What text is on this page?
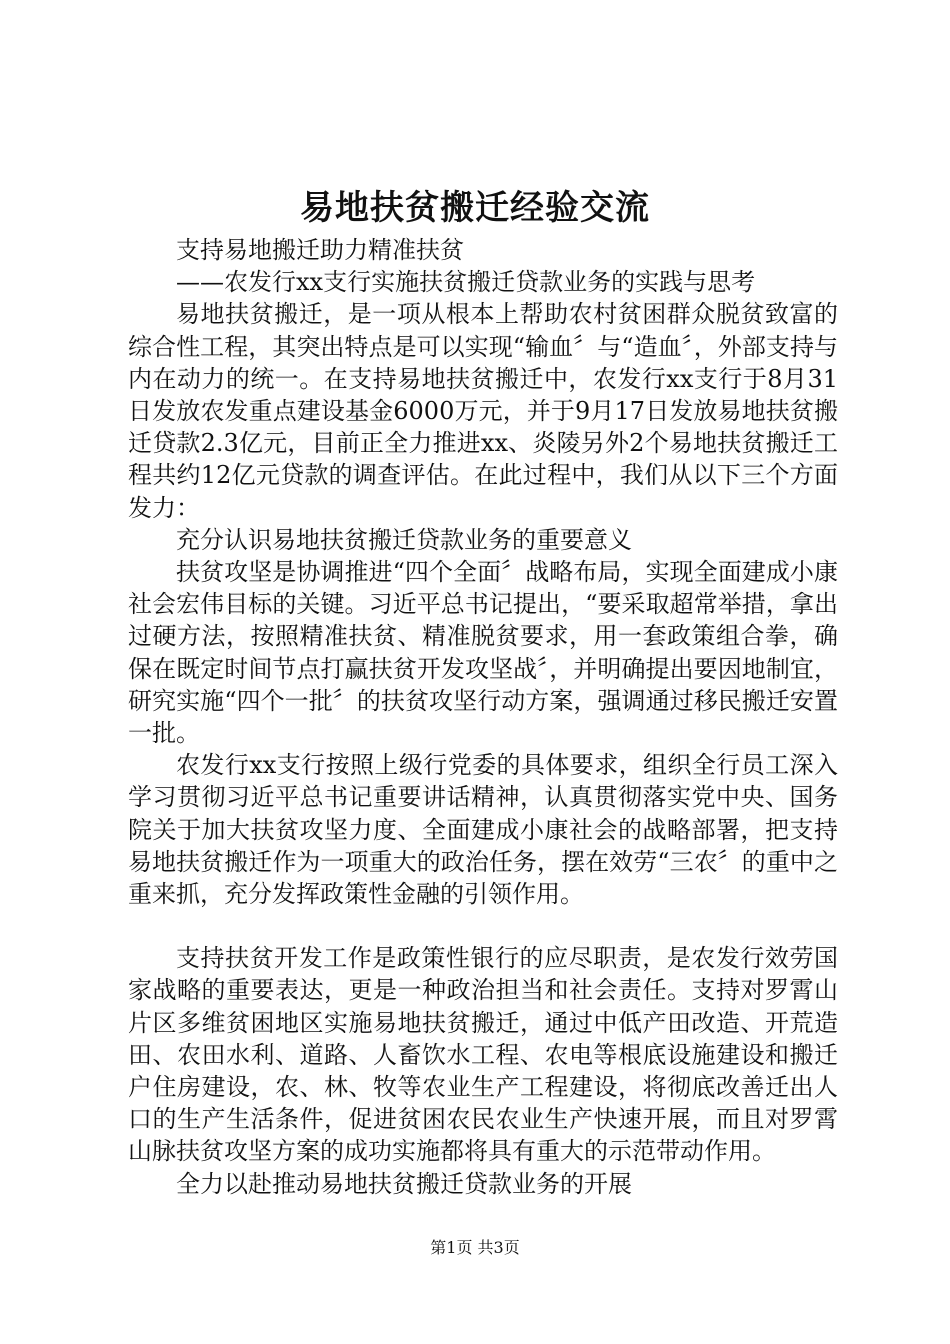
易地扶贫搬迁经验交流

支持易地搬迁助力精准扶贫

——农发行xx支行实施扶贫搬迁贷款业务的实践与思考

易地扶贫搬迁，是一项从根本上帮助农村贫困群众脱贫致富的综合性工程，其突出特点是可以实现“输血〞与“造血〞，外部支持与内在动力的统一。在支持易地扶贫搬迁中，农发行xx支行于8月31日发放农发重点建设基金6000万元，并于9月17日发放易地扶贫搬迁贷款2.3亿元，目前正全力推进xx、炎陵另外2个易地扶贫搬迁工程共约12亿元贷款的调查评估。在此过程中，我们从以下三个方面发力：

充分认识易地扶贫搬迁贷款业务的重要意义

扶贫攻坚是协调推进“四个全面〞战略布局，实现全面建成小康社会宏伟目标的关键。习近平总书记提出，“要采取超常举措，拿出过硬方法，按照精准扶贫、精准脱贫要求，用一套政策组合拳，确保在既定时间节点打赢扶贫开发攻坚战〞，并明确提出要因地制宜，研究实施“四个一批〞的扶贫攻坚行动方案，强调通过移民搬迁安置一批。

农发行xx支行按照上级行党委的具体要求，组织全行员工深入学习贯彻习近平总书记重要讲话精神，认真贯彻落实党中央、国务院关于加大扶贫攻坚力度、全面建成小康社会的战略部署，把支持易地扶贫搬迁作为一项重大的政治任务，摆在效劳“三农〞的重中之重来抓，充分发挥政策性金融的引领作用。

支持扶贫开发工作是政策性银行的应尽职责，是农发行效劳国家战略的重要表达，更是一种政治担当和社会责任。支持对罗霄山片区多维贫困地区实施易地扶贫搬迁，通过中低产田改造、开荒造田、农田水利、道路、人畜饮水工程、农电等根底设施建设和搬迁户住房建设，农、林、牧等农业生产工程建设，将彻底改善迁出人口的生产生活条件，促进贫困农民农业生产快速开展，而且对罗霄山脉扶贫攻坚方案的成功实施都将具有重大的示范带动作用。

全力以赴推动易地扶贫搬迁贷款业务的开展

第1页 共3页
